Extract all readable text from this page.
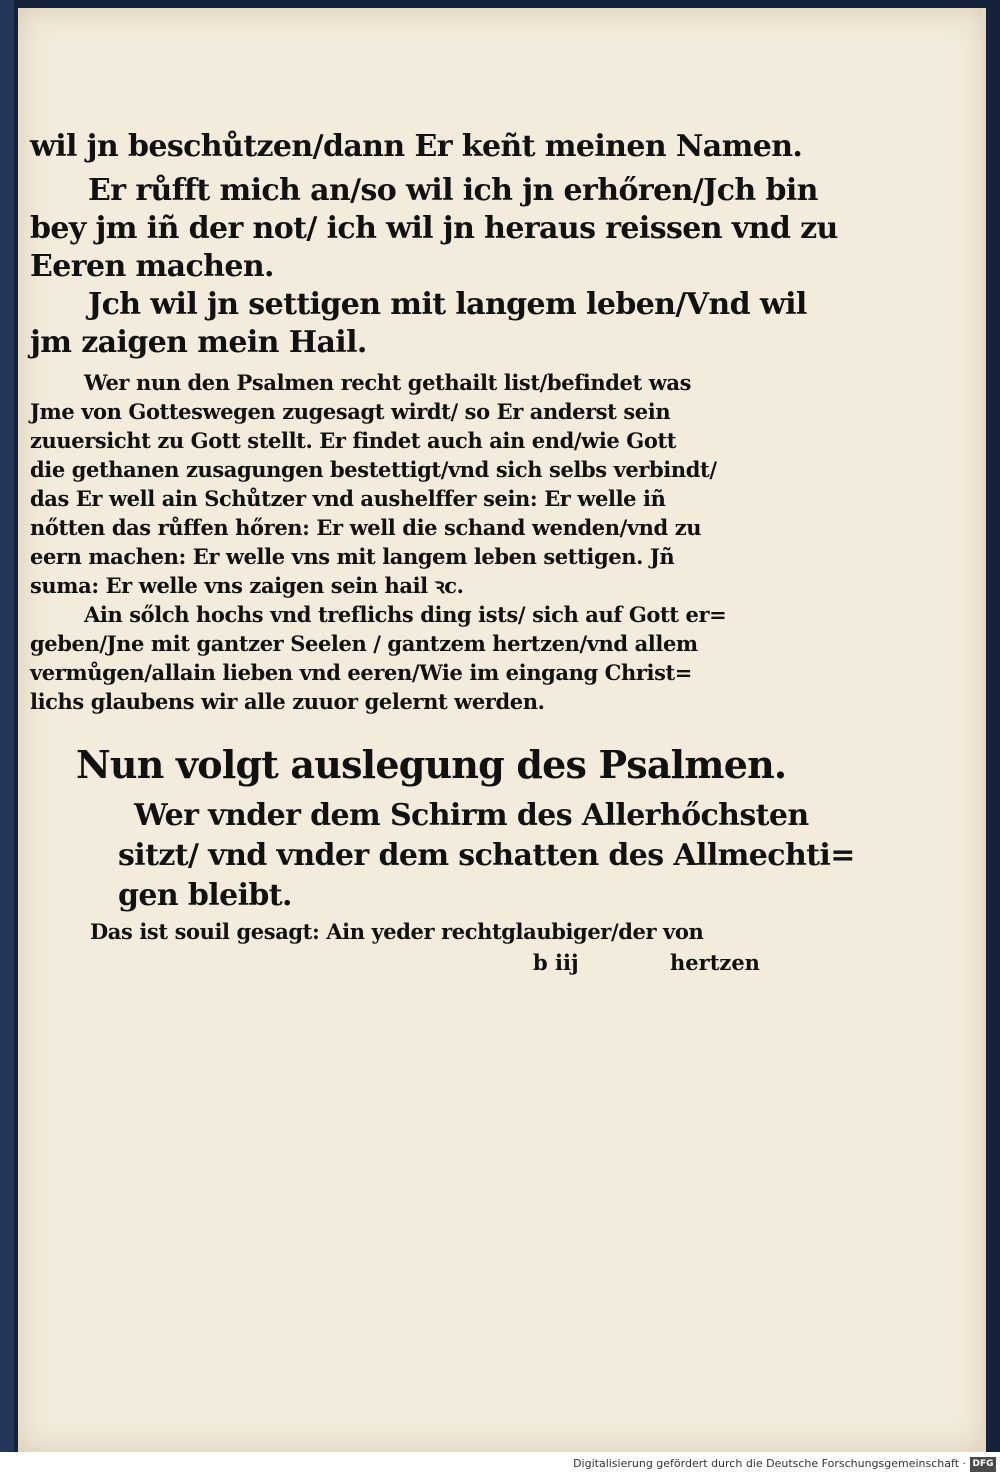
wil jn beschůtzen/dann Er keñt meinen Namen.
Er růfft mich an/so wil ich jn erhőren/Jch bin
bey jm iñ der not/ ich wil jn heraus reissen vnd zu
Eeren machen.
Jch wil jn settigen mit langem leben/Vnd wil
jm zaigen mein Hail.
Wer nun den Psalmen recht gethailt list/befindet was
Jme von Gotteswegen zugesagt wirdt/ so Er anderst sein
zuuersicht zu Gott stellt. Er findet auch ain end/wie Gott
die gethanen zusagungen bestettigt/vnd sich selbs verbindt/
das Er well ain Schůtzer vnd aushelffer sein: Er welle iñ
nőtten das růffen hőren: Er well die schand wenden/vnd zu
eern machen: Er welle vns mit langem leben settigen. Jñ
suma: Er welle vns zaigen sein hail ꝛc.
Ain sőlch hochs vnd treflichs ding ists/ sich auf Gott er=
geben/Jne mit gantzer Seelen / gantzem hertzen/vnd allem
vermůgen/allain lieben vnd eeren/Wie im eingang Christ=
lichs glaubens wir alle zuuor gelernt werden.
Nun volgt auslegung des Psalmen.
Wer vnder dem Schirm des Allerhőchsten
sitzt/ vnd vnder dem schatten des Allmechti=
gen bleibt.
Das ist souil gesagt: Ain yeder rechtglaubiger/der von
b iij	hertzen
Digitalisierung gefördert durch die Deutsche Forschungsgemeinschaft · DFG
